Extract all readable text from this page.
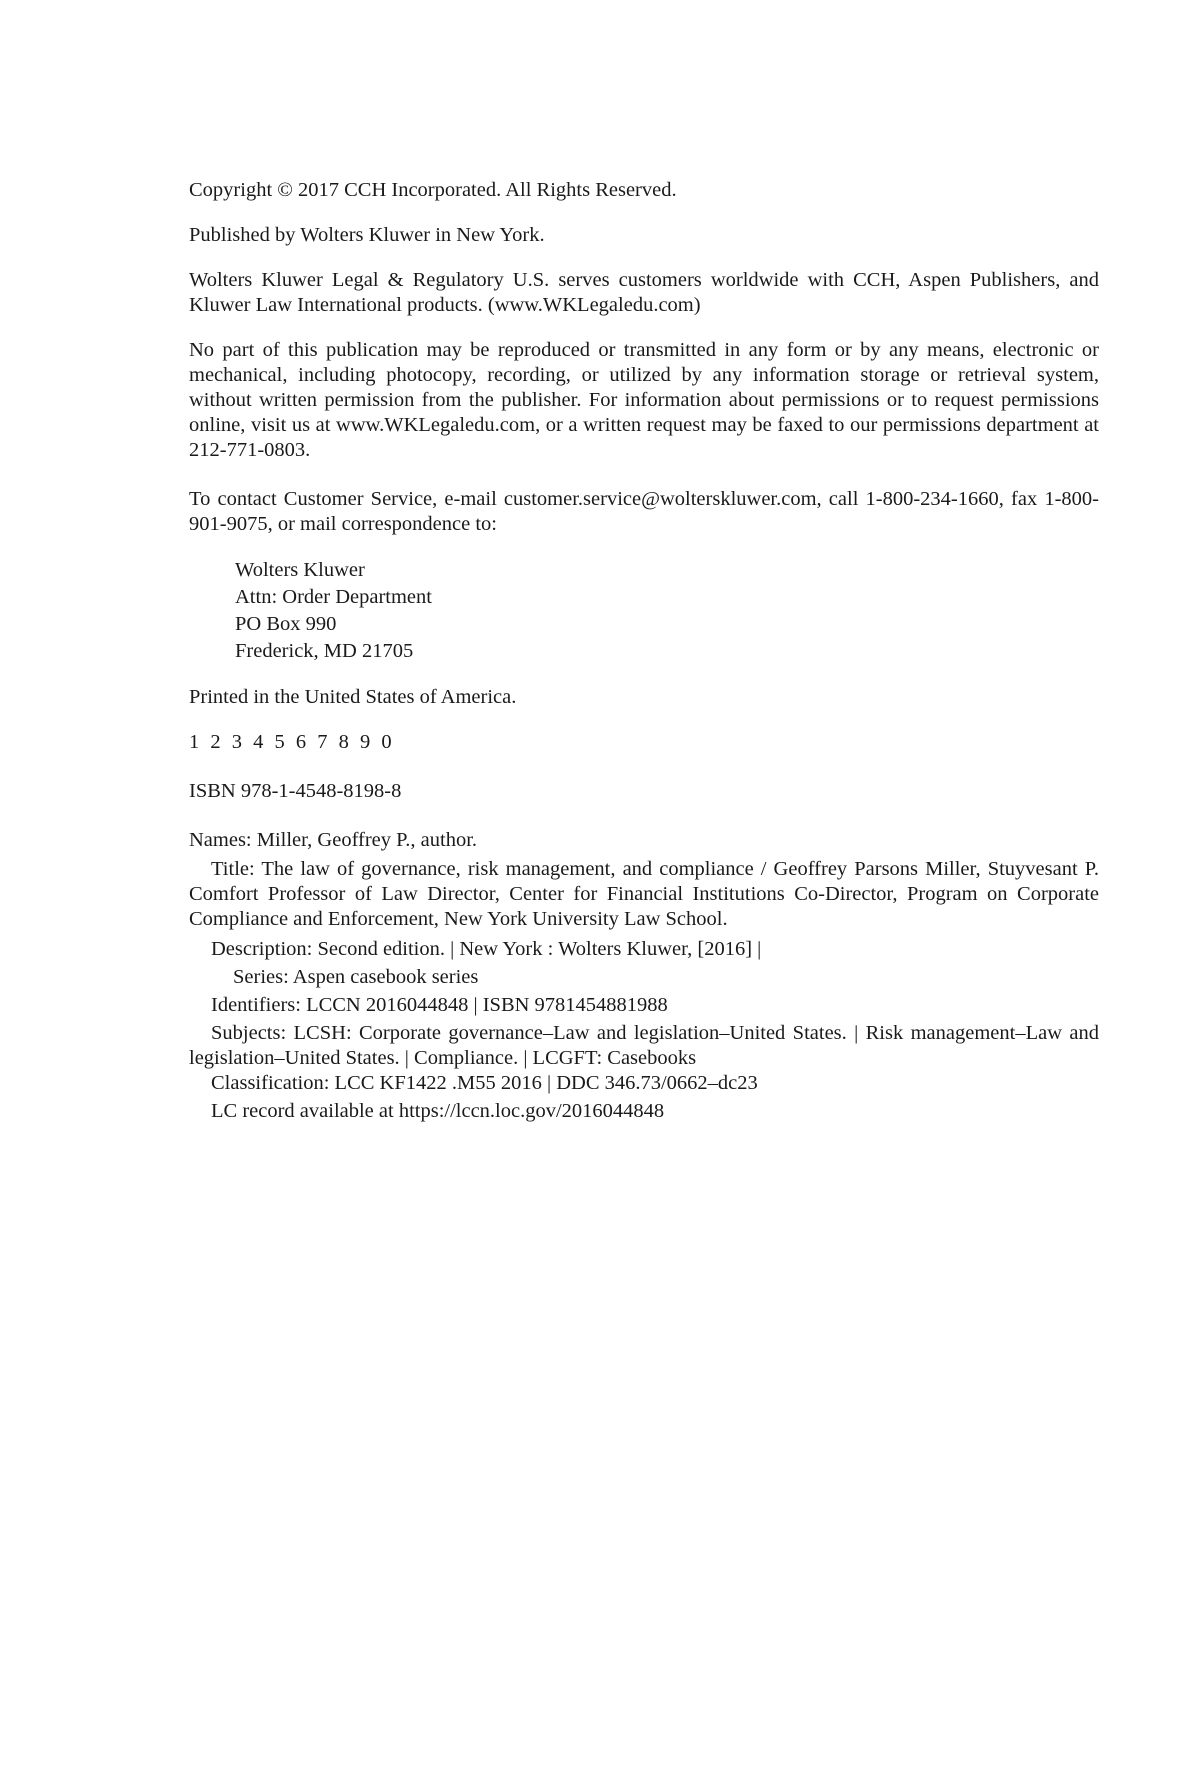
Copyright © 2017 CCH Incorporated. All Rights Reserved.

Published by Wolters Kluwer in New York.

Wolters Kluwer Legal & Regulatory U.S. serves customers worldwide with CCH, Aspen Publishers, and Kluwer Law International products. (www.WKLegaledu.com)

No part of this publication may be reproduced or transmitted in any form or by any means, electronic or mechanical, including photocopy, recording, or utilized by any information storage or retrieval system, without written permission from the publisher. For information about permissions or to request permissions online, visit us at www.WKLegaledu.com, or a written request may be faxed to our permissions department at 212-771-0803.

To contact Customer Service, e-mail customer.service@wolterskluwer.com, call 1-800-234-1660, fax 1-800-901-9075, or mail correspondence to:

Wolters Kluwer
Attn: Order Department
PO Box 990
Frederick, MD 21705

Printed in the United States of America.

1 2 3 4 5 6 7 8 9 0

ISBN 978-1-4548-8198-8

Names: Miller, Geoffrey P., author.

Title: The law of governance, risk management, and compliance / Geoffrey Parsons Miller, Stuyvesant P. Comfort Professor of Law Director, Center for Financial Institutions Co-Director, Program on Corporate Compliance and Enforcement, New York University Law School.

Description: Second edition. | New York : Wolters Kluwer, [2016] |

Series: Aspen casebook series

Identifiers: LCCN 2016044848 | ISBN 9781454881988

Subjects: LCSH: Corporate governance–Law and legislation–United States. | Risk management–Law and legislation–United States. | Compliance. | LCGFT: Casebooks

Classification: LCC KF1422 .M55 2016 | DDC 346.73/0662–dc23

LC record available at https://lccn.loc.gov/2016044848
